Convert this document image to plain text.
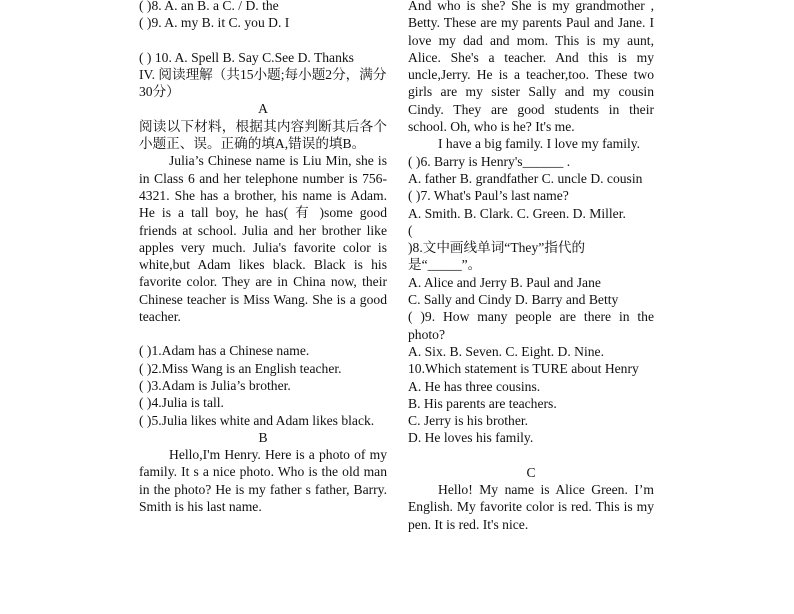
( )8. A. an B. a C. / D. the

( )9. A. my B. it C. you D. I

( ) 10. A. Spell B. Say C.See D. Thanks

IV. 阅读理解（共15小题;每小题2分，满分30分）

A

阅读以下材料，根据其内容判断其后各个小题正、误。正确的填A,错误的填B。

Julia’s Chinese name is Liu Min, she is in Class 6 and her telephone number is 756-4321. She has a brother, his name is Adam. He is a tall boy, he has( 有 )some good friends at school. Julia and her brother like apples very much. Julia's favorite color is white,but Adam likes black. Black is his favorite color. They are in China now, their Chinese teacher is Miss Wang. She is a good teacher.

( )1.Adam has a Chinese name.

( )2.Miss Wang is an English teacher.

( )3.Adam is Julia’s brother.

( )4.Julia is tall.

( )5.Julia likes white and Adam likes black.

B

Hello,I'm Henry. Here is a photo of my family. It s a nice photo. Who is the old man in the photo? He is my father s father, Barry. Smith is his last name.

And who is she? She is my grandmother , Betty. These are my parents Paul and Jane. I love my dad and mom. This is my aunt, Alice. She's a teacher. And this is my uncle,Jerry. He is a teacher,too. These two girls are my sister Sally and my cousin Cindy. They are good students in their school. Oh, who is he? It's me.

I have a big family. I love my family.

( )6. Barry is Henry's______ .

A. father B. grandfather C. uncle D. cousin

( )7. What's Paul’s last name?

A. Smith. B. Clark. C. Green. D. Miller.

(

)8.文中画线单词“They”指代的是“_____”。

A. Alice and Jerry B. Paul and Jane

C. Sally and Cindy D. Barry and Betty

( )9. How many people are there in the photo?

A. Six. B. Seven. C. Eight. D. Nine.

10.Which statement is TURE about Henry

A. He has three cousins.

B. His parents are teachers.

C. Jerry is his brother.

D. He loves his family.

C

Hello! My name is Alice Green. I’m English. My favorite color is red. This is my pen. It is red. It's nice.
